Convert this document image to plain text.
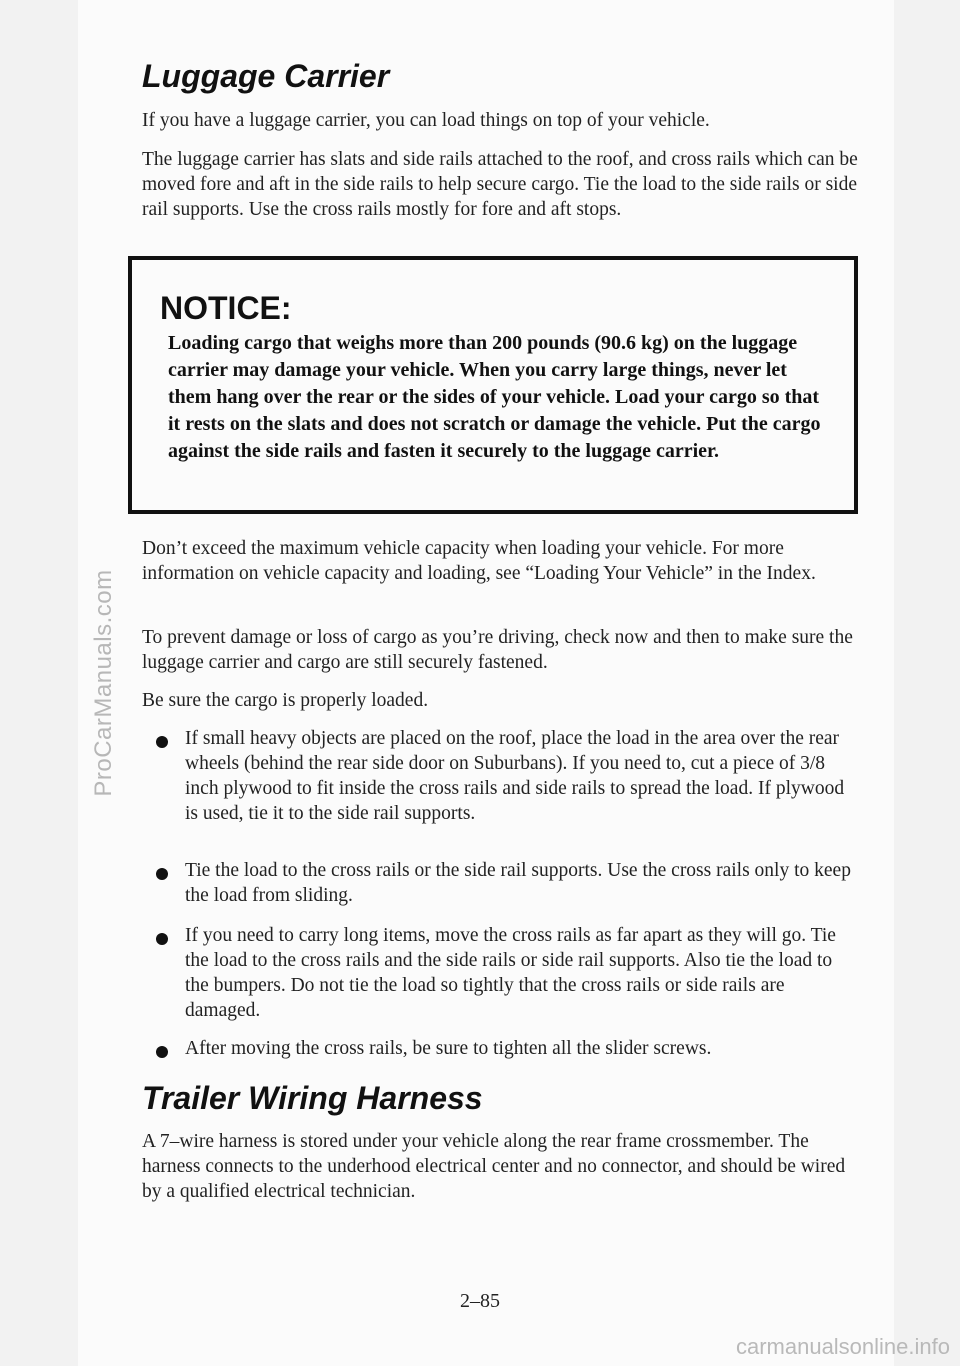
ProCarManuals.com
Luggage Carrier

If you have a luggage carrier, you can load things on top of your vehicle.

The luggage carrier has slats and side rails attached to the roof, and cross rails which can be moved fore and aft in the side rails to help secure cargo. Tie the load to the side rails or side rail supports. Use the cross rails mostly for fore and aft stops.

NOTICE:
Loading cargo that weighs more than 200 pounds (90.6 kg) on the luggage carrier may damage your vehicle. When you carry large things, never let them hang over the rear or the sides of your vehicle. Load your cargo so that it rests on the slats and does not scratch or damage the vehicle. Put the cargo against the side rails and fasten it securely to the luggage carrier.

Don’t exceed the maximum vehicle capacity when loading your vehicle. For more information on vehicle capacity and loading, see “Loading Your Vehicle” in the Index.

To prevent damage or loss of cargo as you’re driving, check now and then to make sure the luggage carrier and cargo are still securely fastened.

Be sure the cargo is properly loaded.

If small heavy objects are placed on the roof, place the load in the area over the rear wheels (behind the rear side door on Suburbans). If you need to, cut a piece of 3/8 inch plywood to fit inside the cross rails and side rails to spread the load. If plywood is used, tie it to the side rail supports.

Tie the load to the cross rails or the side rail supports. Use the cross rails only to keep the load from sliding.

If you need to carry long items, move the cross rails as far apart as they will go. Tie the load to the cross rails and the side rails or side rail supports. Also tie the load to the bumpers. Do not tie the load so tightly that the cross rails or side rails are damaged.

After moving the cross rails, be sure to tighten all the slider screws.

Trailer Wiring Harness

A 7–wire harness is stored under your vehicle along the rear frame crossmember. The harness connects to the underhood electrical center and no connector, and should be wired by a qualified electrical technician.

2–85
carmanualsonline.info
